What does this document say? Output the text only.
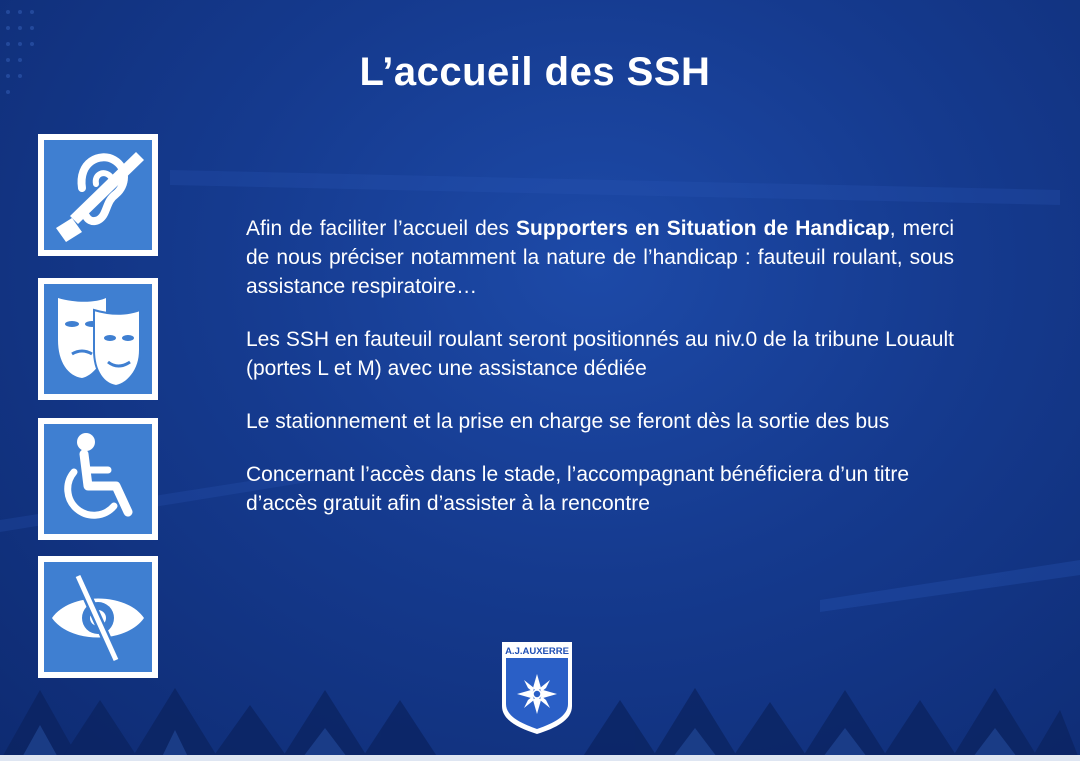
L’accueil des SSH

Afin de faciliter l’accueil des Supporters en Situation de Handicap, merci de nous préciser notamment la nature de l’handicap : fauteuil roulant, sous assistance respiratoire…

Les SSH en fauteuil roulant seront positionnés au niv.0 de la tribune Louault (portes L et M) avec une assistance dédiée

Le stationnement et la prise en charge se feront dès la sortie des bus

Concernant l’accès dans le stade, l’accompagnant bénéficiera d’un titre d’accès gratuit afin d’assister à la rencontre

A.J.AUXERRE
